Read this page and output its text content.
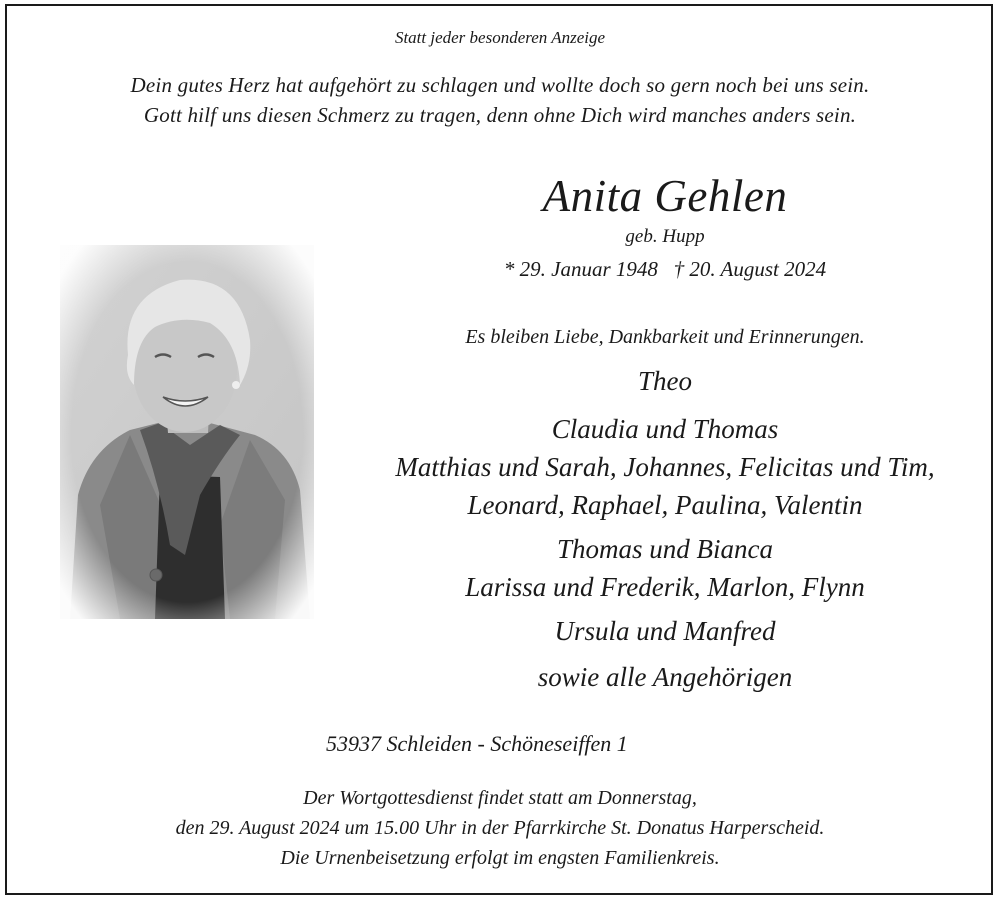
Statt jeder besonderen Anzeige
Dein gutes Herz hat aufgehört zu schlagen und wollte doch so gern noch bei uns sein.
Gott hilf uns diesen Schmerz zu tragen, denn ohne Dich wird manches anders sein.
Anita Gehlen
geb. Hupp
* 29. Januar 1948   † 20. August 2024
Es bleiben Liebe, Dankbarkeit und Erinnerungen.
Theo
Claudia und Thomas
Matthias und Sarah, Johannes, Felicitas und Tim,
Leonard, Raphael, Paulina, Valentin
Thomas und Bianca
Larissa und Frederik, Marlon, Flynn
Ursula und Manfred
sowie alle Angehörigen
53937 Schleiden - Schöneseiffen 1
Der Wortgottesdienst findet statt am Donnerstag,
den 29. August 2024 um 15.00 Uhr in der Pfarrkirche St. Donatus Harperscheid.
Die Urnenbeisetzung erfolgt im engsten Familienkreis.
